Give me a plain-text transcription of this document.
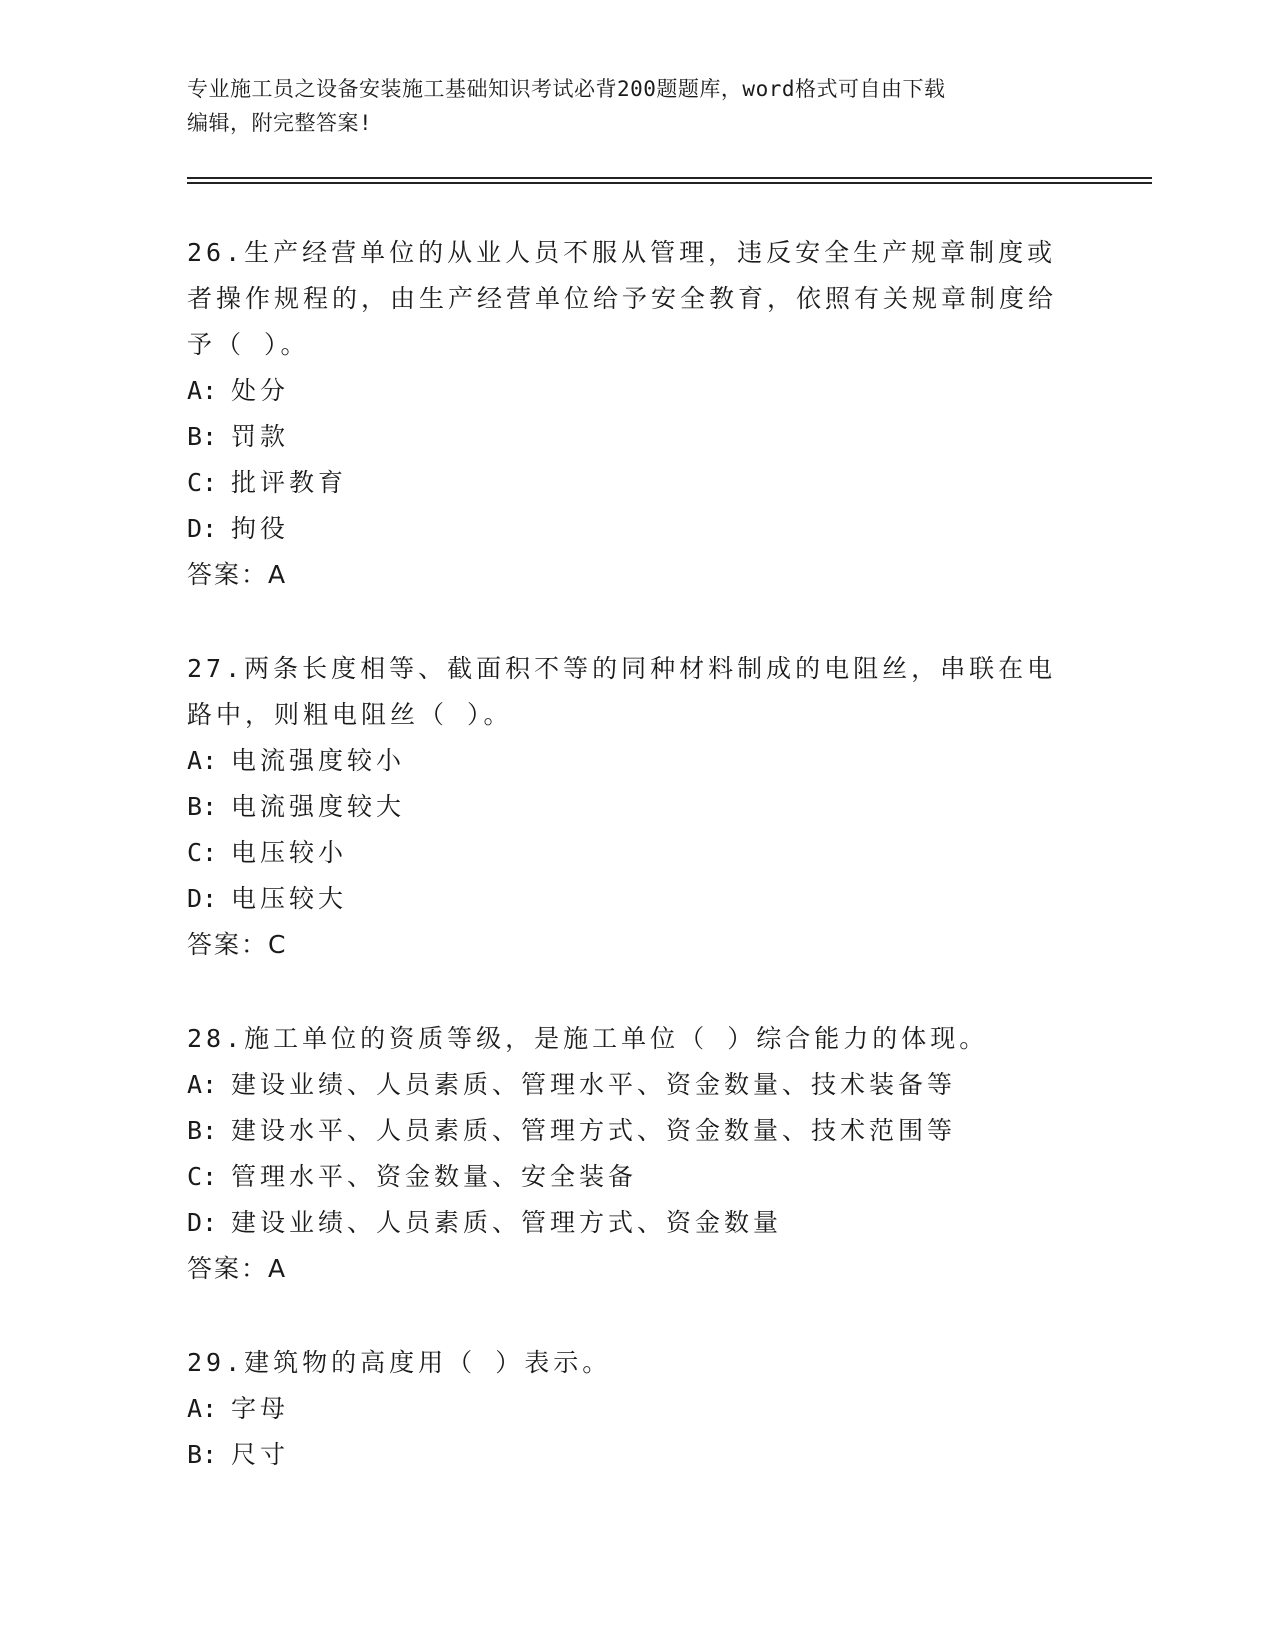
专业施工员之设备安装施工基础知识考试必背200题题库，word格式可自由下载
编辑，附完整答案!

26.生产经营单位的从业人员不服从管理，违反安全生产规章制度或者操作规程的，由生产经营单位给予安全教育，依照有关规章制度给予（ ）。

A: 处分

B: 罚款

C: 批评教育

D: 拘役

答案：A

27.两条长度相等、截面积不等的同种材料制成的电阻丝，串联在电路中，则粗电阻丝（ ）。

A: 电流强度较小

B: 电流强度较大

C: 电压较小

D: 电压较大

答案：C

28.施工单位的资质等级，是施工单位（ ）综合能力的体现。

A: 建设业绩、人员素质、管理水平、资金数量、技术装备等

B: 建设水平、人员素质、管理方式、资金数量、技术范围等

C: 管理水平、资金数量、安全装备

D: 建设业绩、人员素质、管理方式、资金数量

答案：A

29.建筑物的高度用（ ）表示。

A: 字母

B: 尺寸
